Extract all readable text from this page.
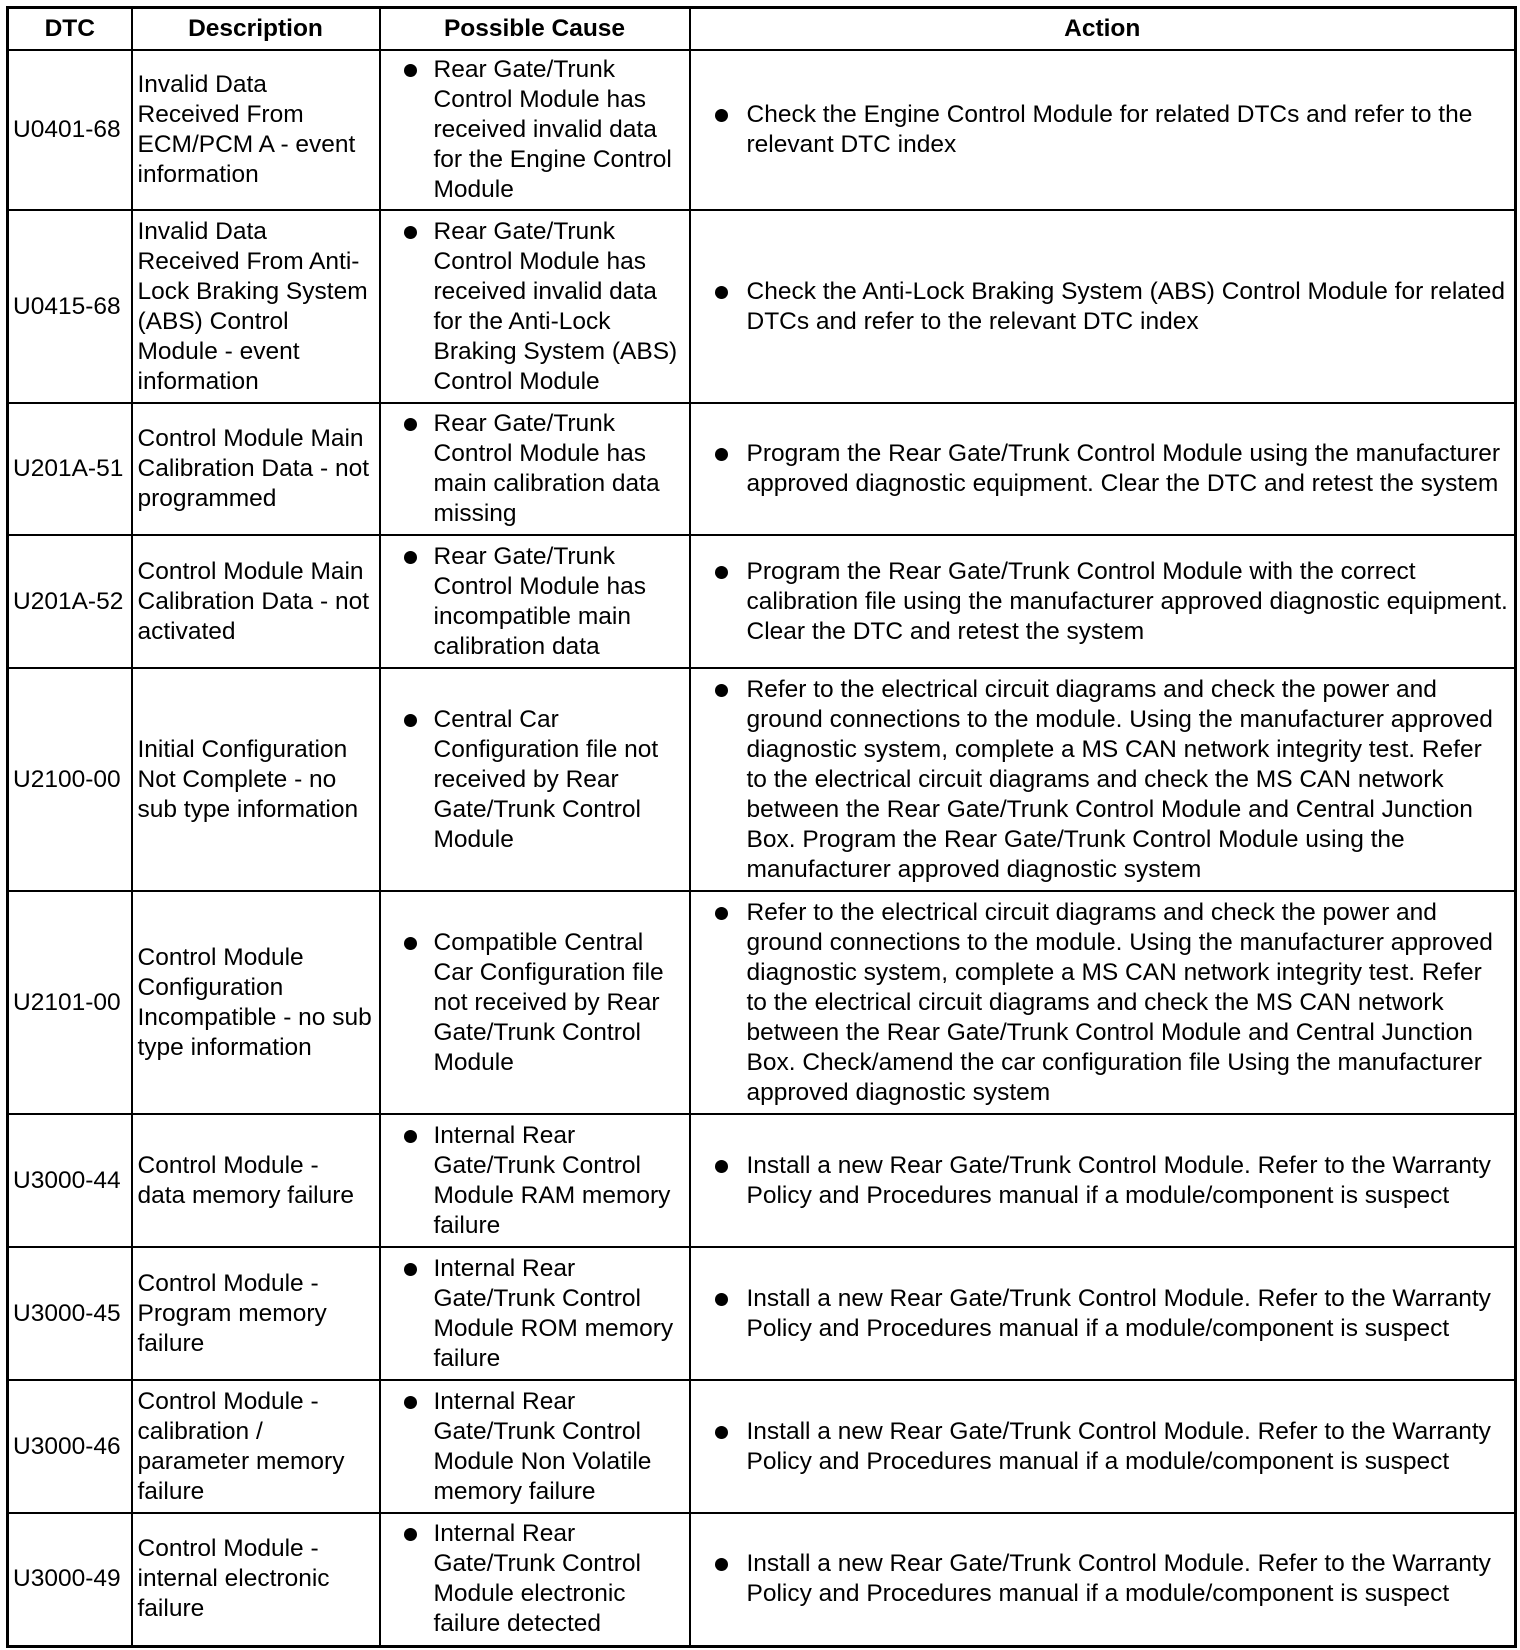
DTC	Description	Possible Cause	Action
U0401-68	Invalid Data Received From ECM/PCM A - event information	Rear Gate/Trunk Control Module has received invalid data for the Engine Control Module	Check the Engine Control Module for related DTCs and refer to the relevant DTC index

U0415-68	Invalid Data Received From Anti-Lock Braking System (ABS) Control Module - event information	Rear Gate/Trunk Control Module has received invalid data for the Anti-Lock Braking System (ABS) Control Module	Check the Anti-Lock Braking System (ABS) Control Module for related DTCs and refer to the relevant DTC index

U201A-51	Control Module Main Calibration Data - not programmed	Rear Gate/Trunk Control Module has main calibration data missing	Program the Rear Gate/Trunk Control Module using the manufacturer approved diagnostic equipment. Clear the DTC and retest the system

U201A-52	Control Module Main Calibration Data - not activated	Rear Gate/Trunk Control Module has incompatible main calibration data	Program the Rear Gate/Trunk Control Module with the correct calibration file using the manufacturer approved diagnostic equipment. Clear the DTC and retest the system

U2100-00	Initial Configuration Not Complete - no sub type information	Central Car Configuration file not received by Rear Gate/Trunk Control Module	Refer to the electrical circuit diagrams and check the power and ground connections to the module. Using the manufacturer approved diagnostic system, complete a MS CAN network integrity test. Refer to the electrical circuit diagrams and check the MS CAN network between the Rear Gate/Trunk Control Module and Central Junction Box. Program the Rear Gate/Trunk Control Module using the manufacturer approved diagnostic system

U2101-00	Control Module Configuration Incompatible - no sub type information	Compatible Central Car Configuration file not received by Rear Gate/Trunk Control Module	Refer to the electrical circuit diagrams and check the power and ground connections to the module. Using the manufacturer approved diagnostic system, complete a MS CAN network integrity test. Refer to the electrical circuit diagrams and check the MS CAN network between the Rear Gate/Trunk Control Module and Central Junction Box. Check/amend the car configuration file Using the manufacturer approved diagnostic system

U3000-44	Control Module - data memory failure	Internal Rear Gate/Trunk Control Module RAM memory failure	Install a new Rear Gate/Trunk Control Module. Refer to the Warranty Policy and Procedures manual if a module/component is suspect

U3000-45	Control Module - Program memory failure	Internal Rear Gate/Trunk Control Module ROM memory failure	Install a new Rear Gate/Trunk Control Module. Refer to the Warranty Policy and Procedures manual if a module/component is suspect

U3000-46	Control Module - calibration / parameter memory failure	Internal Rear Gate/Trunk Control Module Non Volatile memory failure	Install a new Rear Gate/Trunk Control Module. Refer to the Warranty Policy and Procedures manual if a module/component is suspect

U3000-49	Control Module - internal electronic failure	Internal Rear Gate/Trunk Control Module electronic failure detected	Install a new Rear Gate/Trunk Control Module. Refer to the Warranty Policy and Procedures manual if a module/component is suspect
